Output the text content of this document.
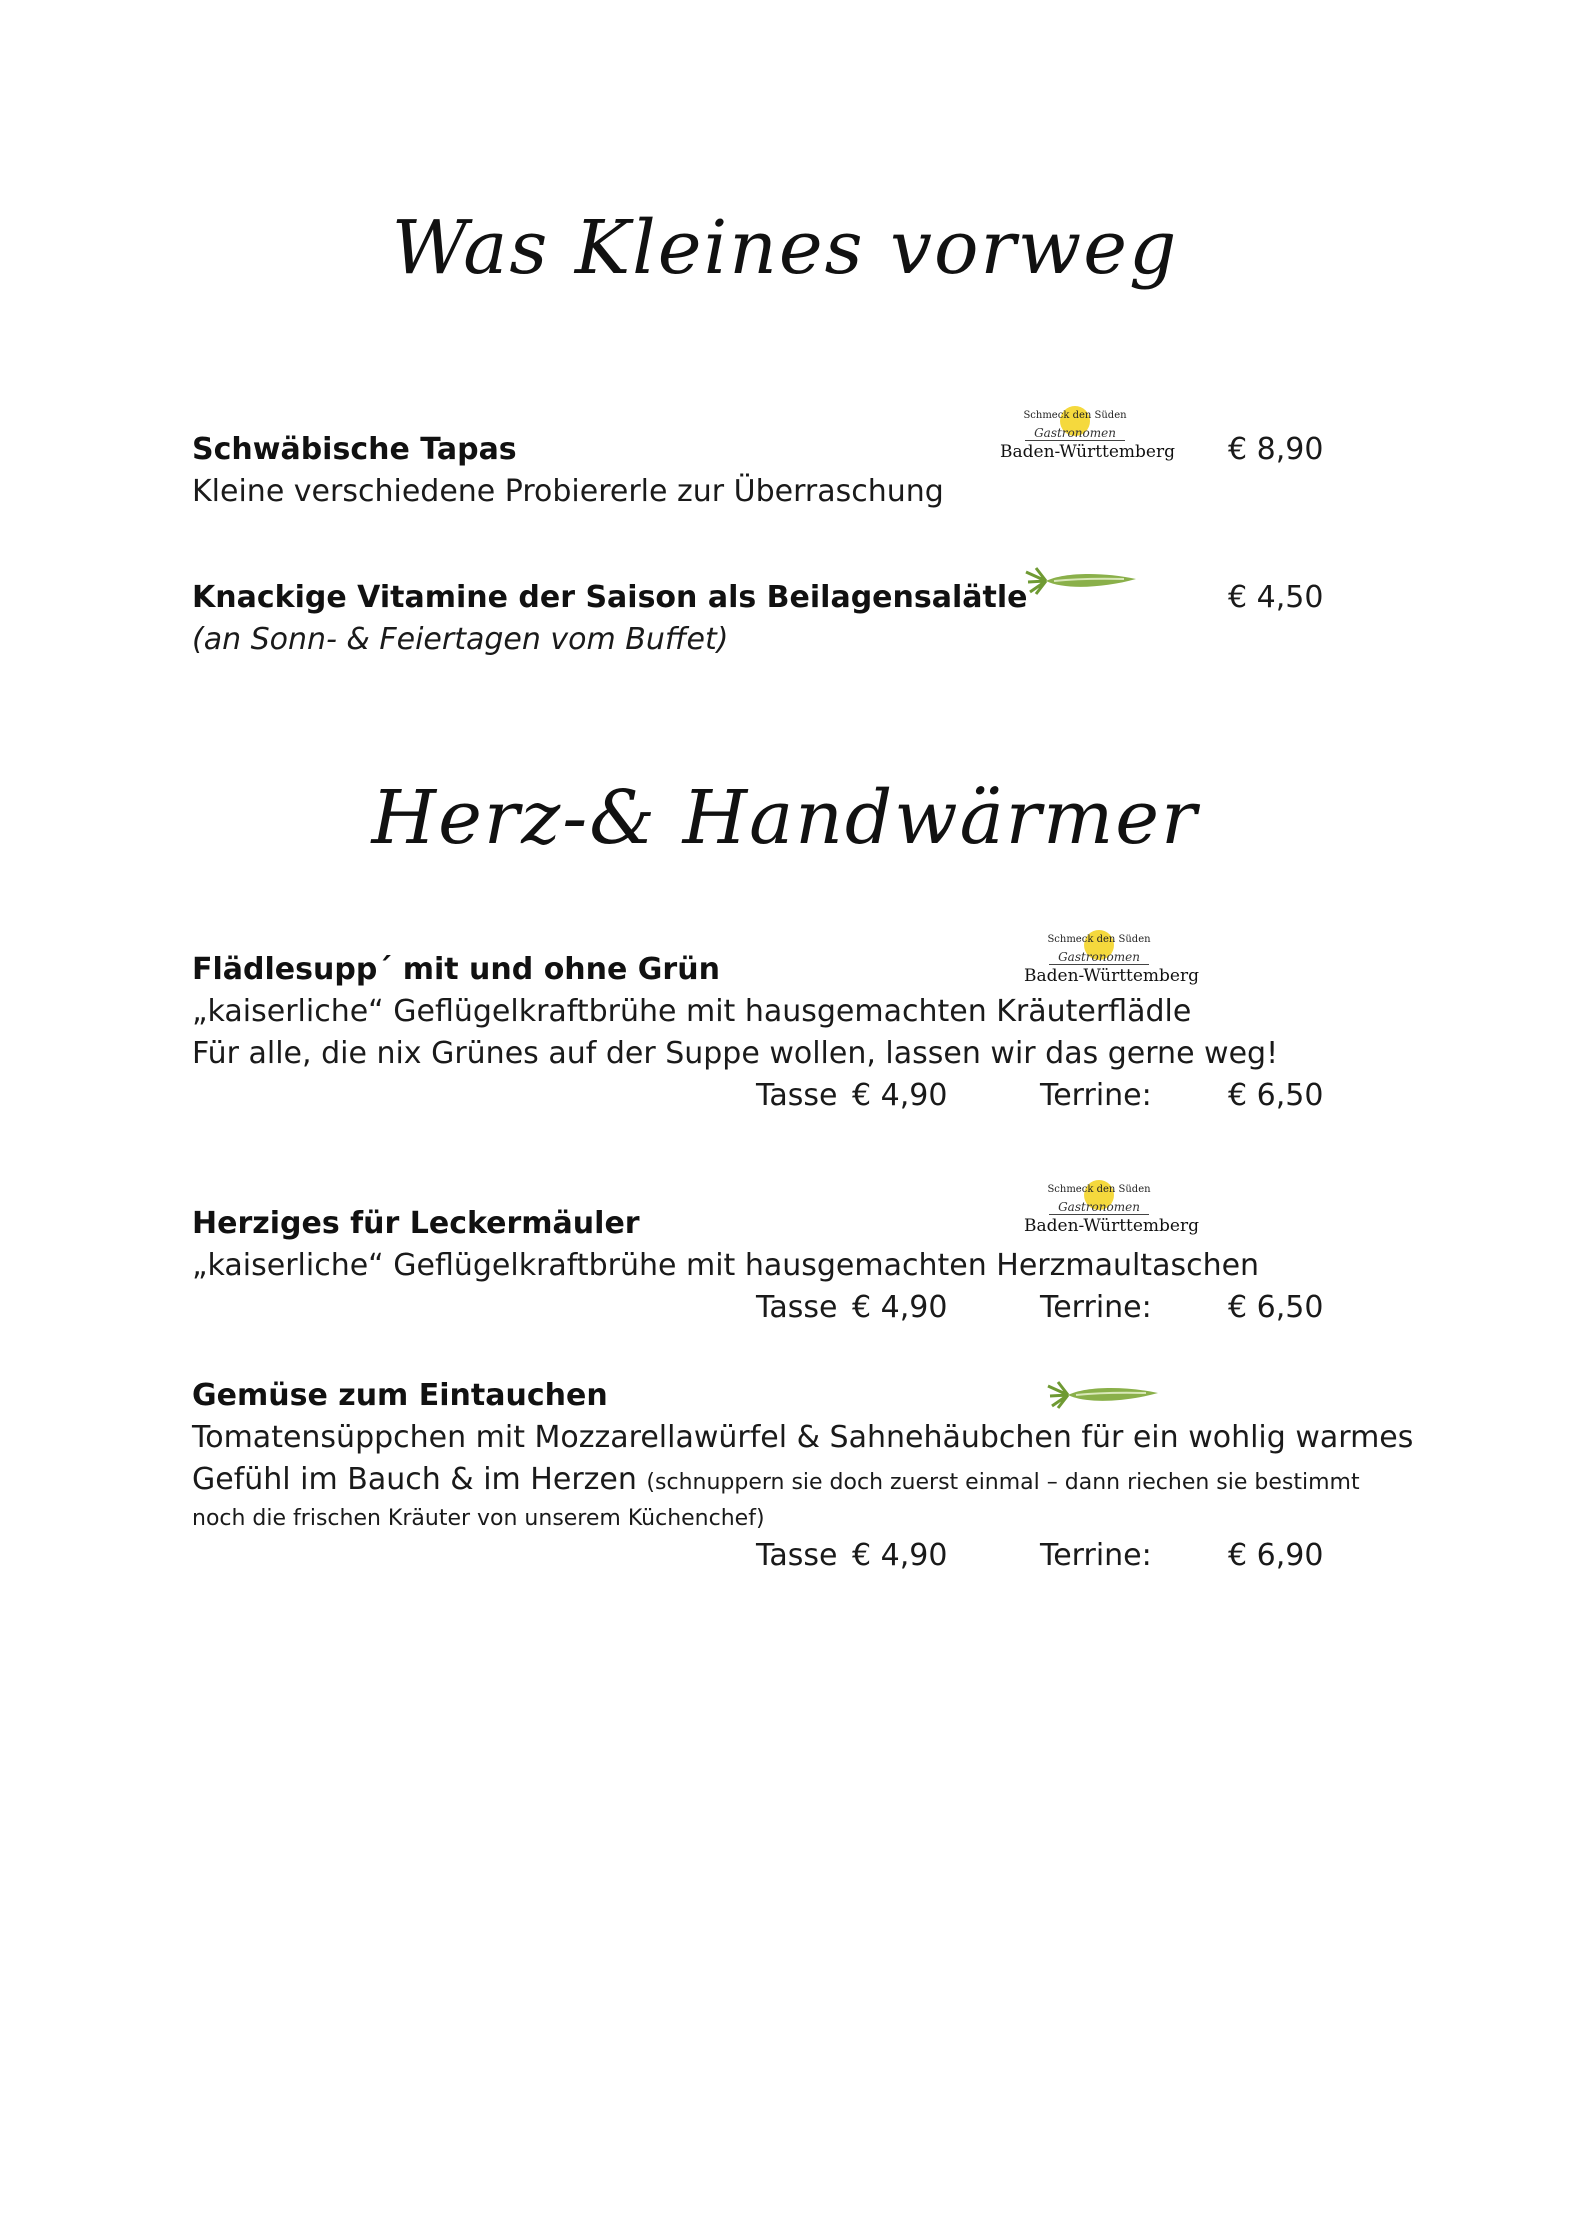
Was Kleines vorweg
Schwäbische Tapas
Kleine verschiedene Probiererle zur Überraschung
€ 8,90
Schmeck den Süden
Gastronomen
Baden-Württemberg
Knackige Vitamine der Saison als Beilagensalätle
(an Sonn- & Feiertagen vom Buffet)
€ 4,50
Herz-& Handwärmer
Flädlesupp´ mit und ohne Grün
„kaiserliche“ Geflügelkraftbrühe mit hausgemachten Kräuterflädle
Für alle, die nix Grünes auf der Suppe wollen, lassen wir das gerne weg!
Tasse € 4,90	Terrine:	€ 6,50
Schmeck den Süden
Gastronomen
Baden-Württemberg
Herziges für Leckermäuler
„kaiserliche“ Geflügelkraftbrühe mit hausgemachten Herzmaultaschen
Tasse € 4,90	Terrine:	€ 6,50
Schmeck den Süden
Gastronomen
Baden-Württemberg
Gemüse zum Eintauchen
Tomatensüppchen mit Mozzarellawürfel & Sahnehäubchen für ein wohlig warmes
Gefühl im Bauch & im Herzen (schnuppern sie doch zuerst einmal – dann riechen sie bestimmt
noch die frischen Kräuter von unserem Küchenchef)
Tasse € 4,90	Terrine:	€ 6,90
